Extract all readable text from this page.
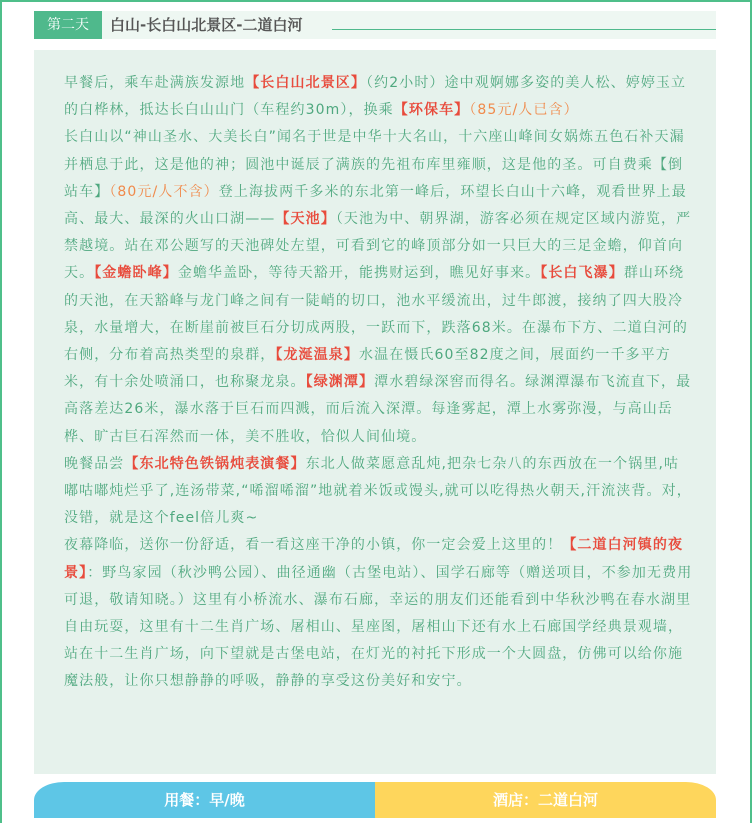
第二天	白山-长白山北景区-二道白河

早餐后，乘车赴满族发源地【长白山北景区】（约2小时）途中观婀娜多姿的美人松、婷婷玉立的白桦林，抵达长白山山门（车程约30m），换乘【环保车】（85元/人已含）

长白山以“神山圣水、大美长白”闻名于世是中华十大名山，十六座山峰间女娲炼五色石补天漏并栖息于此，这是他的神；圆池中诞辰了满族的先祖布库里雍顺，这是他的圣。可自费乘【倒站车】（80元/人不含）登上海拔两千多米的东北第一峰后，环望长白山十六峰，观看世界上最高、最大、最深的火山口湖——【天池】（天池为中、朝界湖，游客必须在规定区域内游览，严禁越境。站在邓公题写的天池碑处左望，可看到它的峰顶部分如一只巨大的三足金蟾，仰首向天。【金蟾卧峰】金蟾华盖卧，等待天豁开，能携财运到，瞧见好事来。【长白飞瀑】群山环绕的天池，在天豁峰与龙门峰之间有一陡峭的切口，池水平缓流出，过牛郎渡，接纳了四大股冷泉，水量增大，在断崖前被巨石分切成两股，一跃而下，跌落68米。在瀑布下方、二道白河的右侧，分布着高热类型的泉群，【龙涎温泉】水温在慑氏60至82度之间，展面约一千多平方米，有十余处喷涌口，也称聚龙泉。【绿渊潭】潭水碧绿深窖而得名。绿渊潭瀑布飞流直下，最高落差达26米，瀑水落于巨石而四溅，而后流入深潭。每逢雾起，潭上水雾弥漫，与高山岳桦、旷古巨石浑然而一体，美不胜收，恰似人间仙境。

晚餐品尝【东北特色铁锅炖表演餐】东北人做菜愿意乱炖,把杂七杂八的东西放在一个锅里,咕嘟咕嘟炖烂乎了,连汤带菜,“唏溜唏溜”地就着米饭或馒头,就可以吃得热火朝天,汗流浃背。对，没错，就是这个feel倍儿爽~

夜幕降临，送你一份舒适，看一看这座干净的小镇，你一定会爱上这里的！【二道白河镇的夜景】：野鸟家园（秋沙鸭公园）、曲径通幽（古堡电站）、国学石廊等（赠送项目，不参加无费用可退，敬请知晓。）这里有小桥流水、瀑布石廊，幸运的朋友们还能看到中华秋沙鸭在春水湖里自由玩耍，这里有十二生肖广场、屠相山、星座图，屠相山下还有水上石廊国学经典景观墙，站在十二生肖广场，向下望就是古堡电站，在灯光的衬托下形成一个大圆盘，仿佛可以给你施魔法般，让你只想静静的呼吸，静静的享受这份美好和安宁。

用餐：早/晚	酒店：二道白河
